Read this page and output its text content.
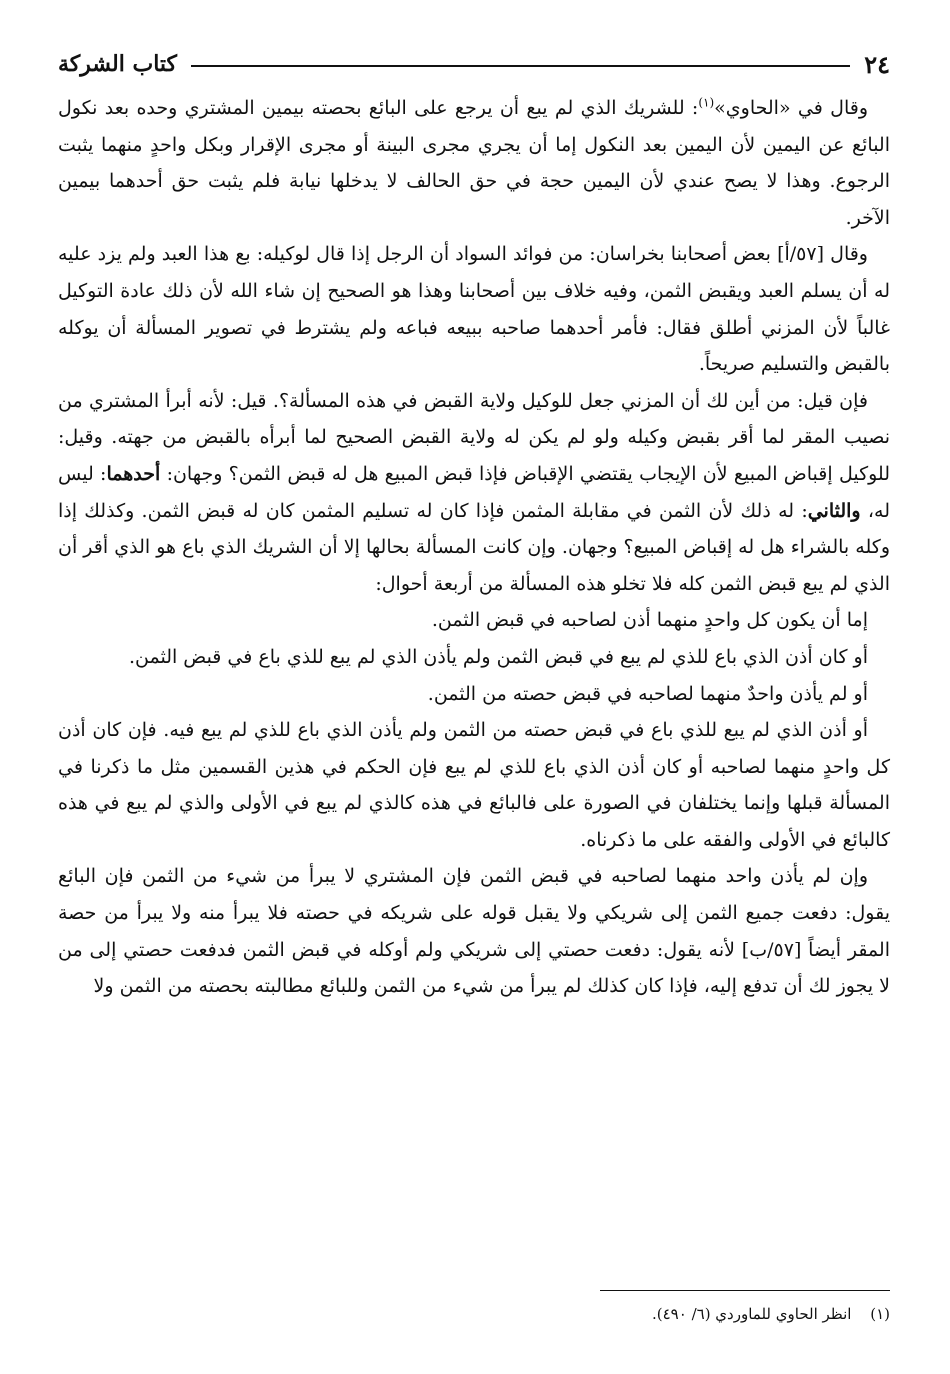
٢٤
كتاب الشركة

وقال في «الحاوي»$^{(١)}$: للشريك الذي لم يبع أن يرجع على البائع بحصته بيمين المشتري وحده بعد نكول البائع عن اليمين لأن اليمين بعد النكول إما أن يجري مجرى البينة أو مجرى الإقرار وبكل واحدٍ منهما يثبت الرجوع. وهذا لا يصح عندي لأن اليمين حجة في حق الحالف لا يدخلها نيابة فلم يثبت حق أحدهما بيمين الآخر.

وقال [٥٧/أ] بعض أصحابنا بخراسان: من فوائد السواد أن الرجل إذا قال لوكيله: بع هذا العبد ولم يزد عليه له أن يسلم العبد ويقبض الثمن، وفيه خلاف بين أصحابنا وهذا هو الصحيح إن شاء الله لأن ذلك عادة التوكيل غالباً لأن المزني أطلق فقال: فأمر أحدهما صاحبه ببيعه فباعه ولم يشترط في تصوير المسألة أن يوكله بالقبض والتسليم صريحاً.

فإن قيل: من أين لك أن المزني جعل للوكيل ولاية القبض في هذه المسألة؟. قيل: لأنه أبرأ المشتري من نصيب المقر لما أقر بقبض وكيله ولو لم يكن له ولاية القبض الصحيح لما أبرأه بالقبض من جهته. وقيل: للوكيل إقباض المبيع لأن الإيجاب يقتضي الإقباض فإذا قبض المبيع هل له قبض الثمن؟ وجهان: أحدهما: ليس له، والثاني: له ذلك لأن الثمن في مقابلة المثمن فإذا كان له تسليم المثمن كان له قبض الثمن. وكذلك إذا وكله بالشراء هل له إقباض المبيع؟ وجهان. وإن كانت المسألة بحالها إلا أن الشريك الذي باع هو الذي أقر أن الذي لم يبع قبض الثمن كله فلا تخلو هذه المسألة من أربعة أحوال:

إما أن يكون كل واحدٍ منهما أذن لصاحبه في قبض الثمن.

أو كان أذن الذي باع للذي لم يبع في قبض الثمن ولم يأذن الذي لم يبع للذي باع في قبض الثمن.

أو لم يأذن واحدٌ منهما لصاحبه في قبض حصته من الثمن.

أو أذن الذي لم يبع للذي باع في قبض حصته من الثمن ولم يأذن الذي باع للذي لم يبع فيه. فإن كان أذن كل واحدٍ منهما لصاحبه أو كان أذن الذي باع للذي لم يبع فإن الحكم في هذين القسمين مثل ما ذكرنا في المسألة قبلها وإنما يختلفان في الصورة على فالبائع في هذه كالذي لم يبع في الأولى والذي لم يبع في هذه كالبائع في الأولى والفقه على ما ذكرناه.

وإن لم يأذن واحد منهما لصاحبه في قبض الثمن فإن المشتري لا يبرأ من شيء من الثمن فإن البائع يقول: دفعت جميع الثمن إلى شريكي ولا يقبل قوله على شريكه في حصته فلا يبرأ منه ولا يبرأ من حصة المقر أيضاً [٥٧/ب] لأنه يقول: دفعت حصتي إلى شريكي ولم أوكله في قبض الثمن فدفعت حصتي إلى من لا يجوز لك أن تدفع إليه، فإذا كان كذلك لم يبرأ من شيء من الثمن وللبائع مطالبته بحصته من الثمن ولا

(١) انظر الحاوي للماوردي (٦/ ٤٩٠).
